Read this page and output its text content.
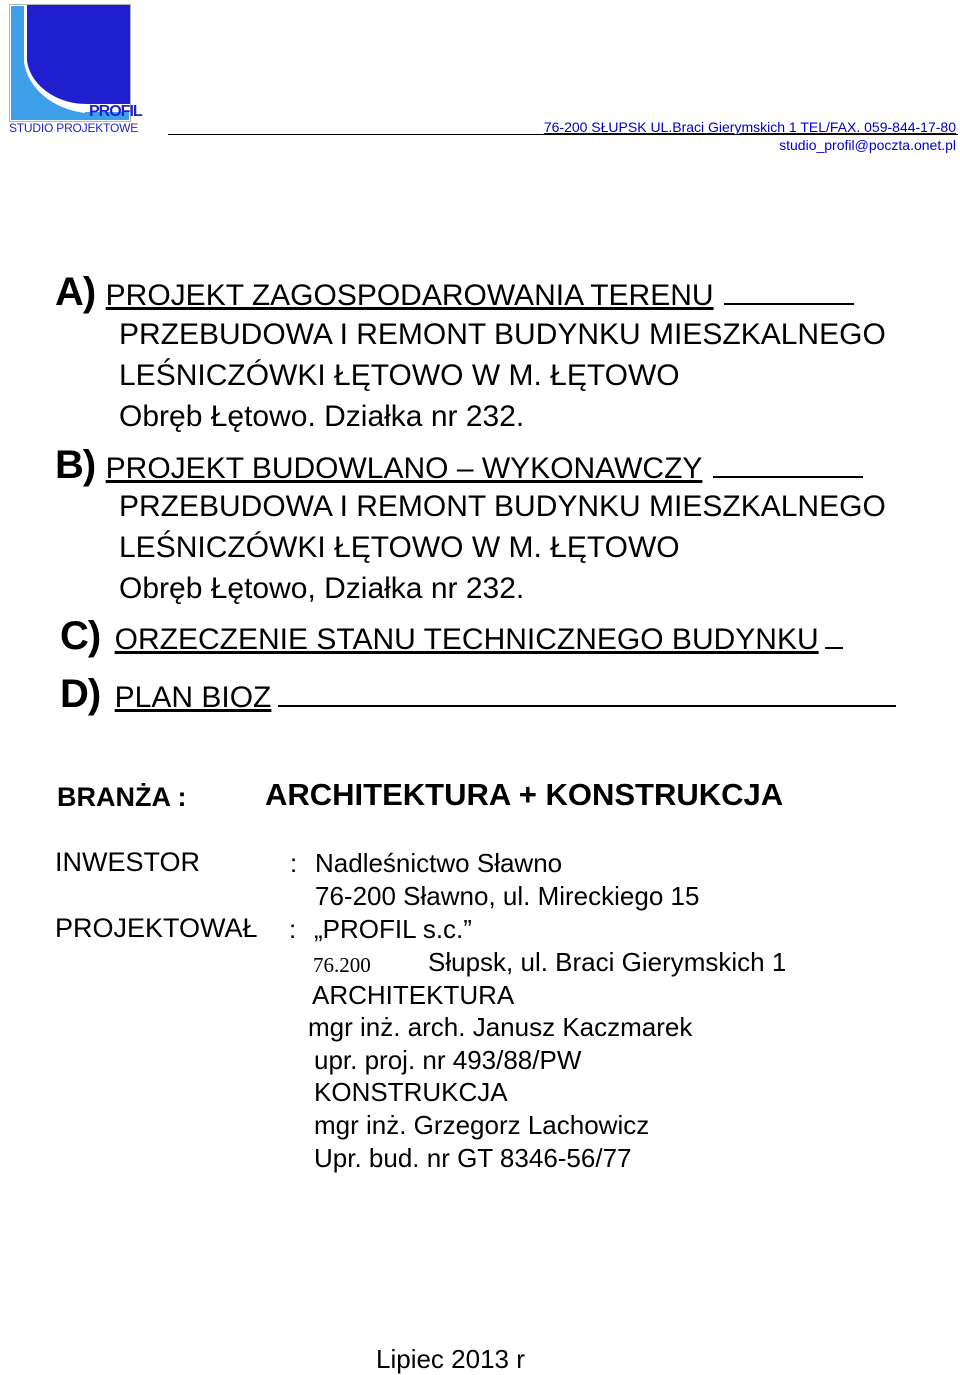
PROFIL
STUDIO PROJEKTOWE	76-200 SŁUPSK UL.Braci Gierymskich 1 TEL/FAX. 059-844-17-80
studio_profil@poczta.onet.pl
A) PROJEKT ZAGOSPODAROWANIA TERENU
PRZEBUDOWA I REMONT BUDYNKU MIESZKALNEGO
LEŚNICZÓWKI ŁĘTOWO W M. ŁĘTOWO
Obręb Łętowo. Działka nr 232.
B) PROJEKT BUDOWLANO – WYKONAWCZY
PRZEBUDOWA I REMONT BUDYNKU MIESZKALNEGO
LEŚNICZÓWKI ŁĘTOWO W M. ŁĘTOWO
Obręb Łętowo, Działka nr 232.
C) ORZECZENIE STANU TECHNICZNEGO BUDYNKU
D) PLAN BIOZ
BRANŻA :	ARCHITEKTURA + KONSTRUKCJA
INWESTOR	: Nadleśnictwo Sławno
76-200 Sławno, ul. Mireckiego 15
PROJEKTOWAŁ : „PROFIL s.c.”
76.200 Słupsk, ul. Braci Gierymskich 1
ARCHITEKTURA
mgr inż. arch. Janusz Kaczmarek
upr. proj. nr 493/88/PW
KONSTRUKCJA
mgr inż. Grzegorz Lachowicz
Upr. bud. nr GT 8346-56/77
Lipiec 2013 r
